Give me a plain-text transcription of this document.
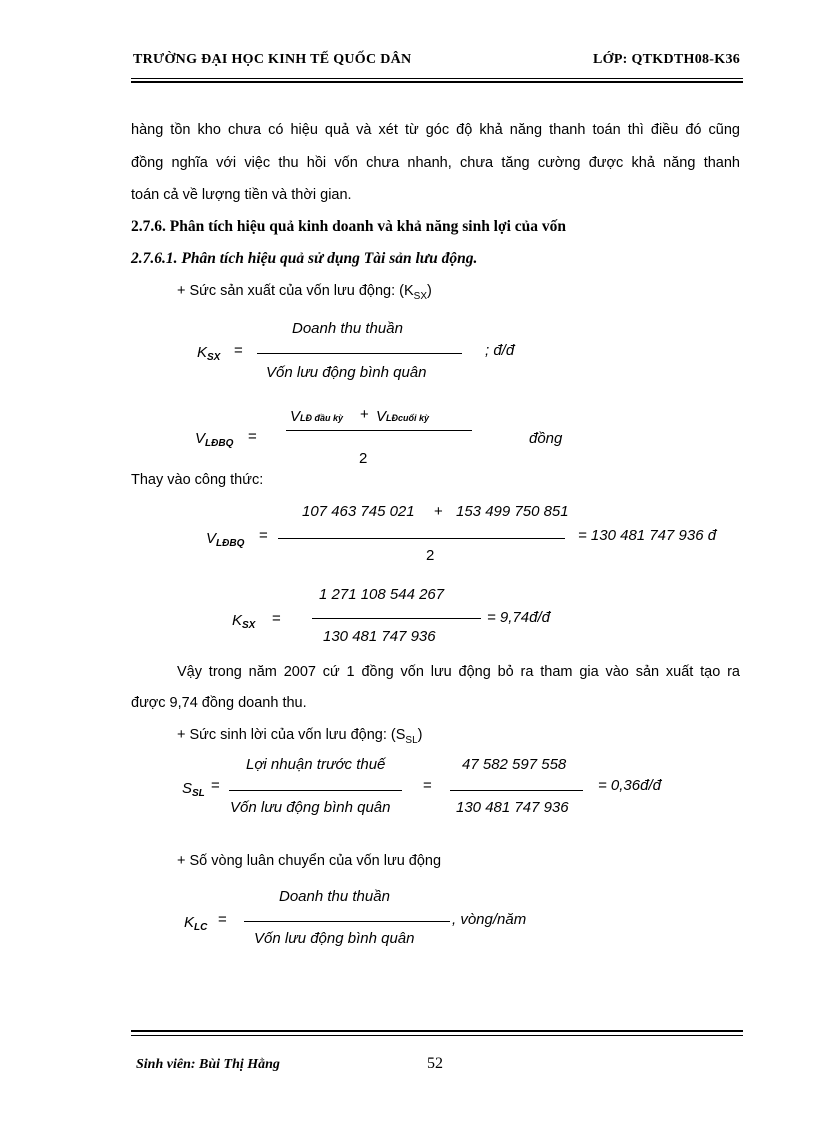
TRƯỜNG ĐẠI HỌC KINH TẾ QUỐC DÂN	LỚP: QTKDTH08-K36
hàng tồn kho chưa có hiệu quả và xét từ góc độ khả năng thanh toán thì điều đó cũng
đồng nghĩa với việc thu hồi vốn chưa nhanh, chưa tăng cường được khả năng thanh
toán cả về lượng tiền và thời gian.
2.7.6. Phân tích hiệu quả kinh doanh và khả năng sinh lợi của vốn
2.7.6.1. Phân tích hiệu quả sử dụng Tài sản lưu động.
+ Sức sản xuất của vốn lưu động: $(K_{SX})$
$K_{SX}$ =
Doanh thu thuần
Vốn lưu động bình quân
; đ/đ
$V_{LĐBQ}$ =
VLĐ đầu kỳ + VLĐcuối kỳ
2
đồng
Thay vào công thức:
$V_{LĐBQ}$ =
107 463 745 021 + 153 499 750 851
2
= 130 481 747 936 đ
$K_{SX}$ =
1 271 108 544 267
130 481 747 936
= 9,74đ/đ
Vậy trong năm 2007 cứ 1 đồng vốn lưu động bỏ ra tham gia vào sản xuất tạo ra
được 9,74 đồng doanh thu.
+ Sức sinh lời của vốn lưu động: $(S_{SL})$
$S_{SL}$ =
Lợi nhuận trước thuế
Vốn lưu động bình quân
=
47 582 597 558
130 481 747 936
= 0,36đ/đ
+ Số vòng luân chuyển của vốn lưu động
$K_{LC}$ =
Doanh thu thuần
Vốn lưu động bình quân
, vòng/năm
Sinh viên: Bùi Thị Hằng	52
